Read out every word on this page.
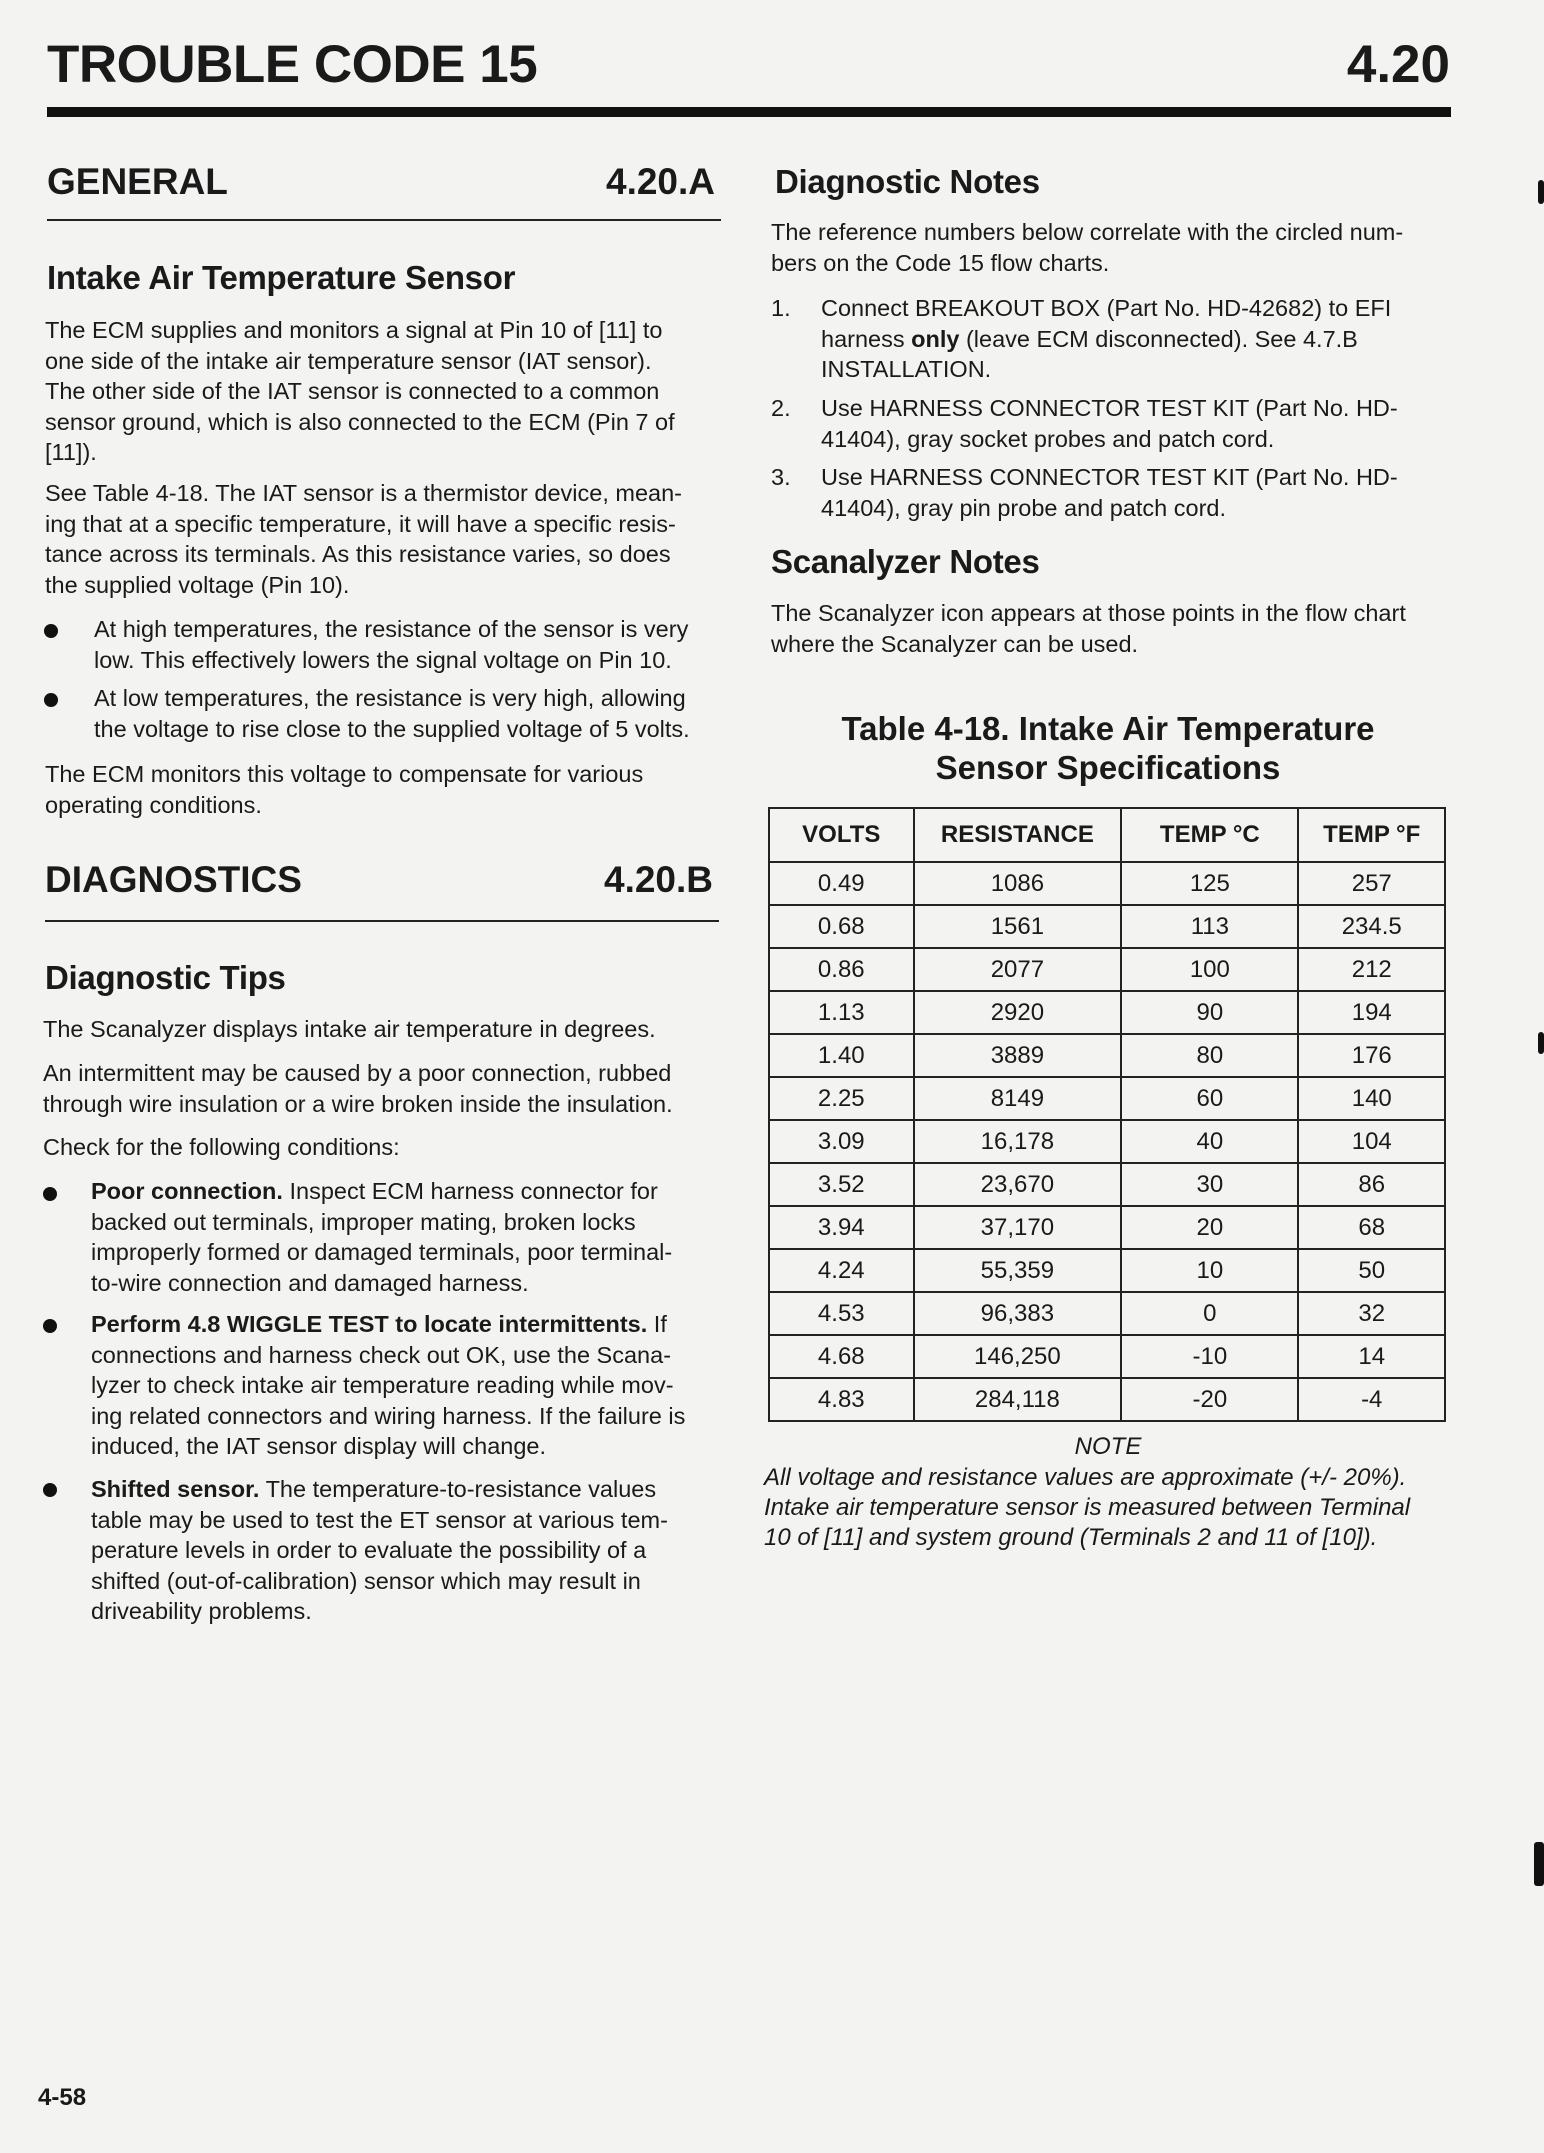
TROUBLE CODE 15	4.20
GENERAL	4.20.A
Intake Air Temperature Sensor
The ECM supplies and monitors a signal at Pin 10 of [11] to
one side of the intake air temperature sensor (IAT sensor).
The other side of the IAT sensor is connected to a common
sensor ground, which is also connected to the ECM (Pin 7 of
[11]).
See Table 4-18. The IAT sensor is a thermistor device, mean-
ing that at a specific temperature, it will have a specific resis-
tance across its terminals. As this resistance varies, so does
the supplied voltage (Pin 10).
At high temperatures, the resistance of the sensor is very
low. This effectively lowers the signal voltage on Pin 10.
At low temperatures, the resistance is very high, allowing
the voltage to rise close to the supplied voltage of 5 volts.
The ECM monitors this voltage to compensate for various
operating conditions.
DIAGNOSTICS	4.20.B
Diagnostic Tips
The Scanalyzer displays intake air temperature in degrees.
An intermittent may be caused by a poor connection, rubbed
through wire insulation or a wire broken inside the insulation.
Check for the following conditions:
Poor connection. Inspect ECM harness connector for
backed out terminals, improper mating, broken locks
improperly formed or damaged terminals, poor terminal-
to-wire connection and damaged harness.
Perform 4.8 WIGGLE TEST to locate intermittents. If
connections and harness check out OK, use the Scana-
lyzer to check intake air temperature reading while mov-
ing related connectors and wiring harness. If the failure is
induced, the IAT sensor display will change.
Shifted sensor. The temperature-to-resistance values
table may be used to test the ET sensor at various tem-
perature levels in order to evaluate the possibility of a
shifted (out-of-calibration) sensor which may result in
driveability problems.
Diagnostic Notes
The reference numbers below correlate with the circled num-
bers on the Code 15 flow charts.
1. Connect BREAKOUT BOX (Part No. HD-42682) to EFI
harness only (leave ECM disconnected). See 4.7.B
INSTALLATION.
2. Use HARNESS CONNECTOR TEST KIT (Part No. HD-
41404), gray socket probes and patch cord.
3. Use HARNESS CONNECTOR TEST KIT (Part No. HD-
41404), gray pin probe and patch cord.
Scanalyzer Notes
The Scanalyzer icon appears at those points in the flow chart
where the Scanalyzer can be used.
Table 4-18. Intake Air Temperature
Sensor Specifications
VOLTS	RESISTANCE	TEMP °C	TEMP °F
0.49	1086	125	257
0.68	1561	113	234.5
0.86	2077	100	212
1.13	2920	90	194
1.40	3889	80	176
2.25	8149	60	140
3.09	16,178	40	104
3.52	23,670	30	86
3.94	37,170	20	68
4.24	55,359	10	50
4.53	96,383	0	32
4.68	146,250	-10	14
4.83	284,118	-20	-4
NOTE
All voltage and resistance values are approximate (+/- 20%).
Intake air temperature sensor is measured between Terminal
10 of [11] and system ground (Terminals 2 and 11 of [10]).
4-58
